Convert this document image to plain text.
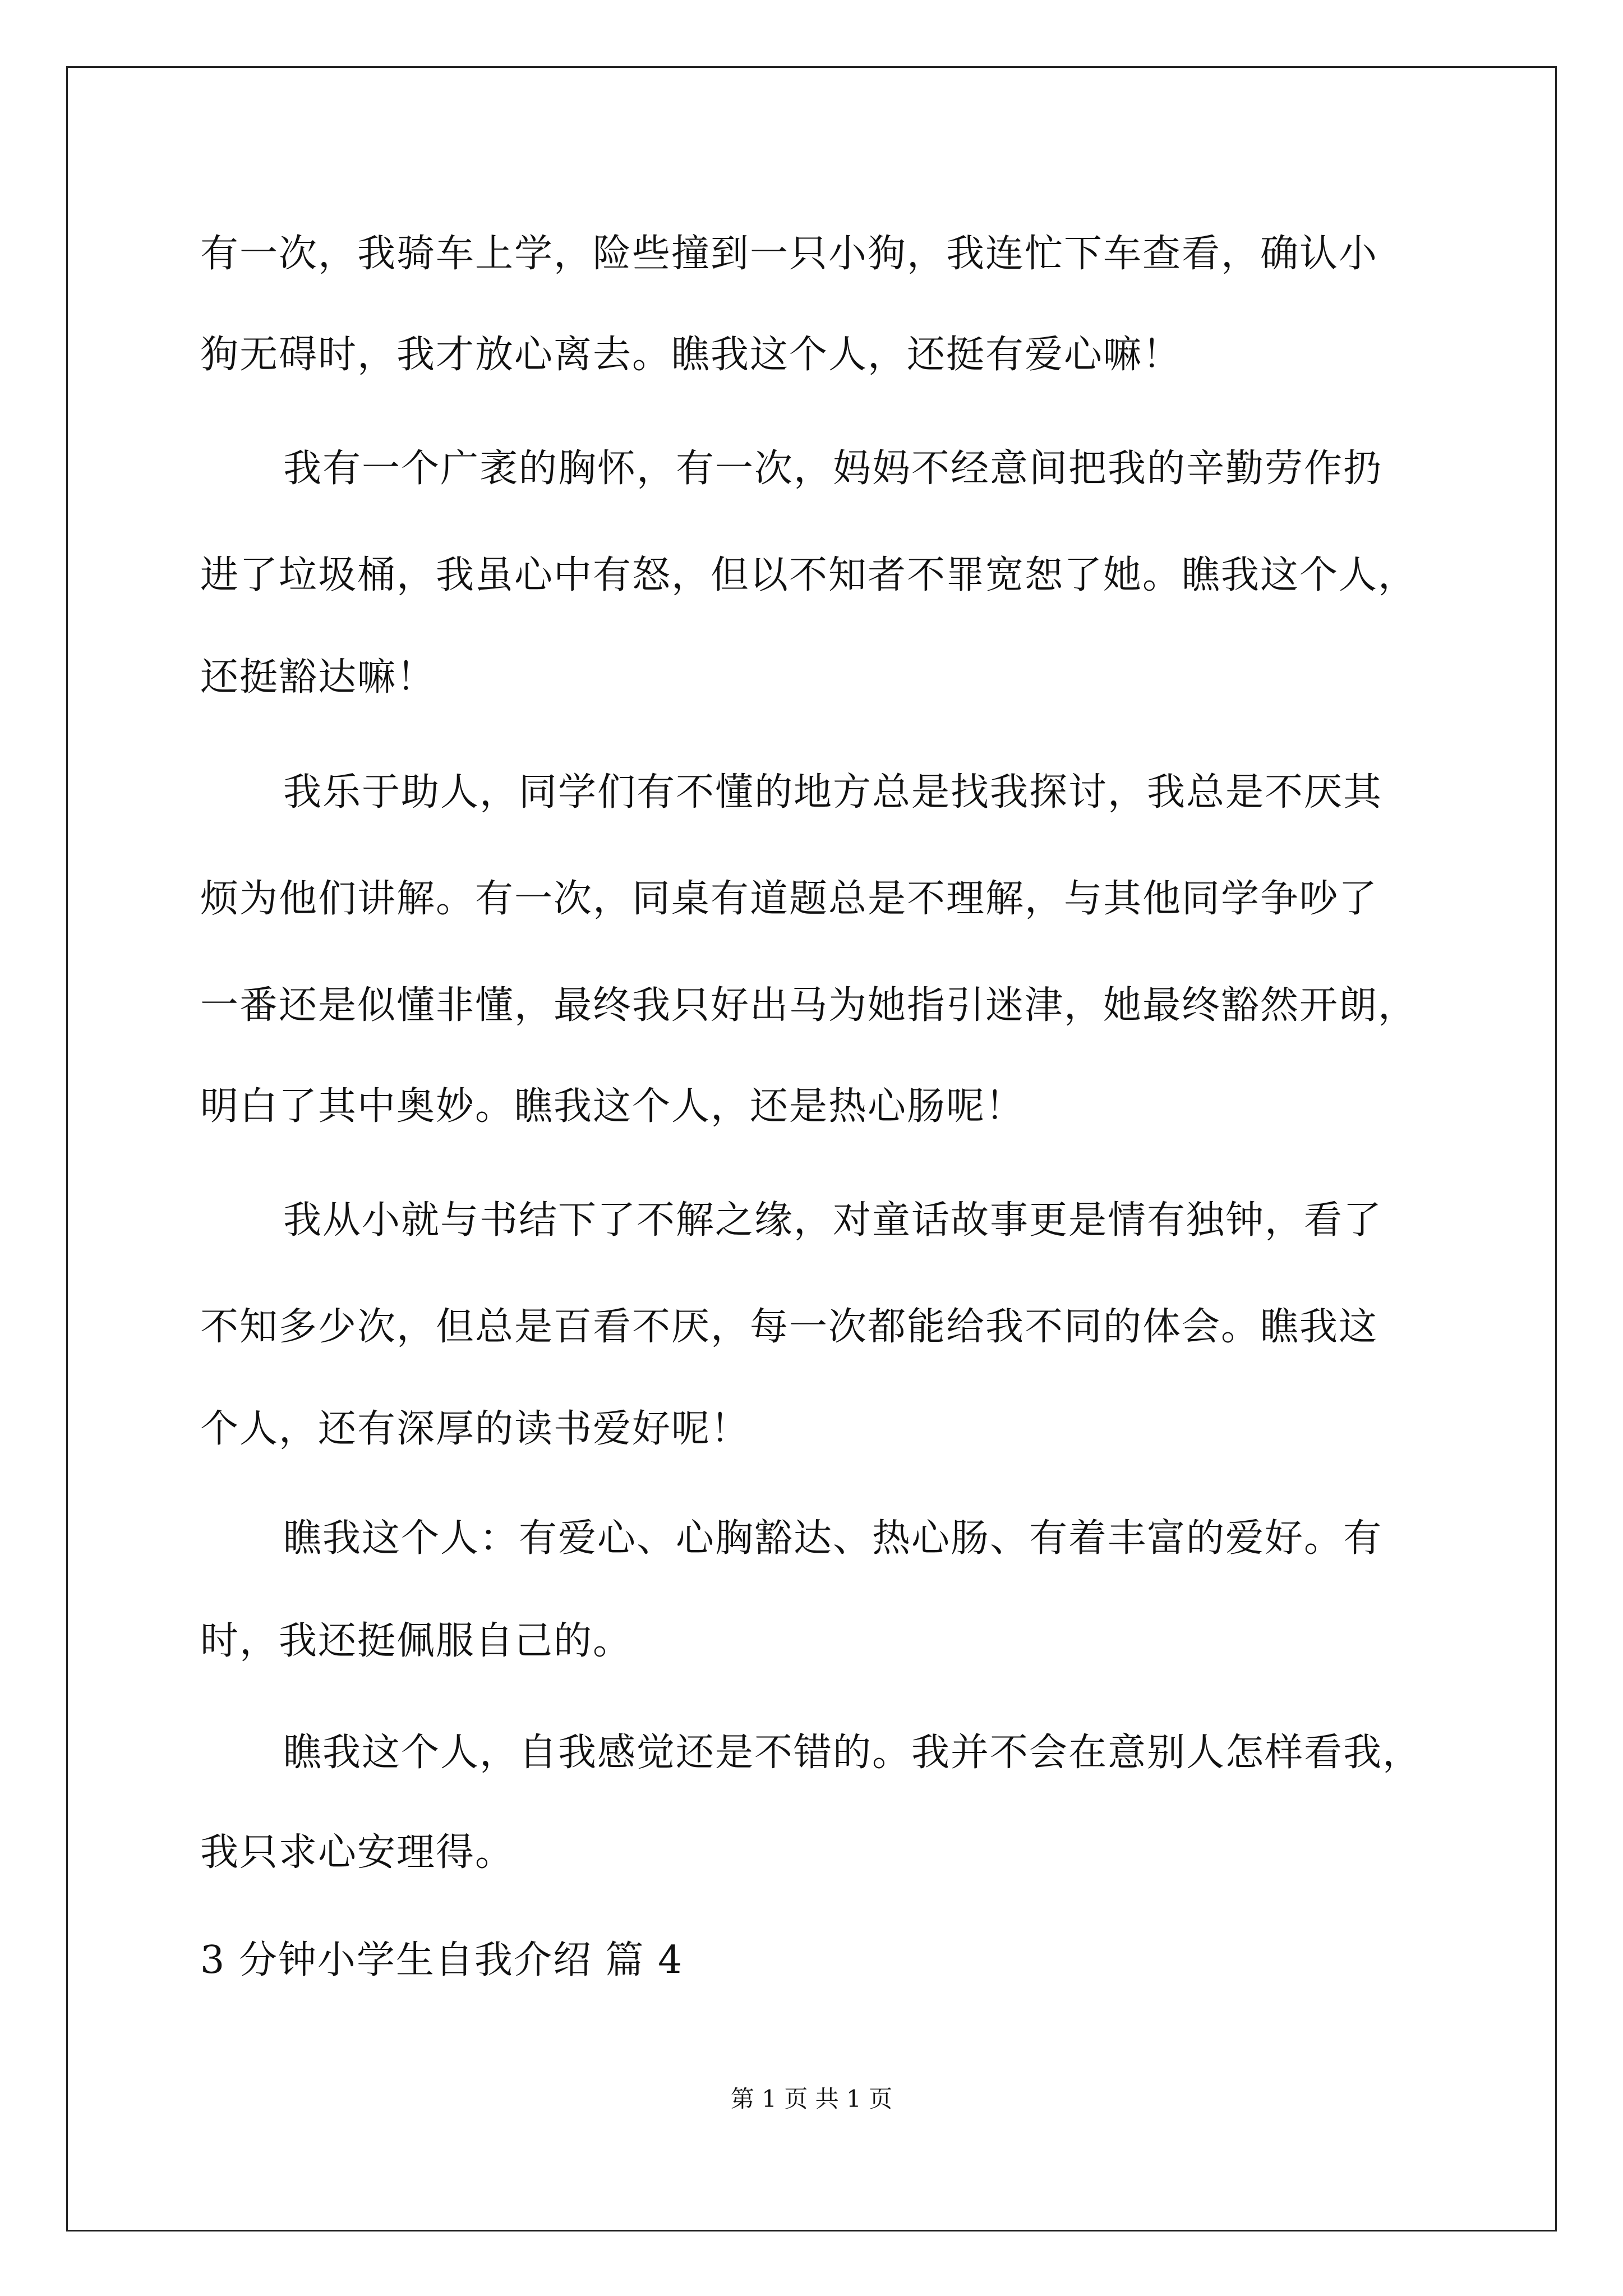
有一次，我骑车上学，险些撞到一只小狗，我连忙下车查看，确认小
狗无碍时，我才放心离去。瞧我这个人，还挺有爱心嘛！
我有一个广袤的胸怀，有一次，妈妈不经意间把我的辛勤劳作扔
进了垃圾桶，我虽心中有怒，但以不知者不罪宽恕了她。瞧我这个人，
还挺豁达嘛！
我乐于助人，同学们有不懂的地方总是找我探讨，我总是不厌其
烦为他们讲解。有一次，同桌有道题总是不理解，与其他同学争吵了
一番还是似懂非懂，最终我只好出马为她指引迷津，她最终豁然开朗，
明白了其中奥妙。瞧我这个人，还是热心肠呢！
我从小就与书结下了不解之缘，对童话故事更是情有独钟，看了
不知多少次，但总是百看不厌，每一次都能给我不同的体会。瞧我这
个人，还有深厚的读书爱好呢！
瞧我这个人：有爱心、心胸豁达、热心肠、有着丰富的爱好。有
时，我还挺佩服自己的。
瞧我这个人，自我感觉还是不错的。我并不会在意别人怎样看我，
我只求心安理得。
3 分钟小学生自我介绍 篇 4
第 1 页 共 1 页
